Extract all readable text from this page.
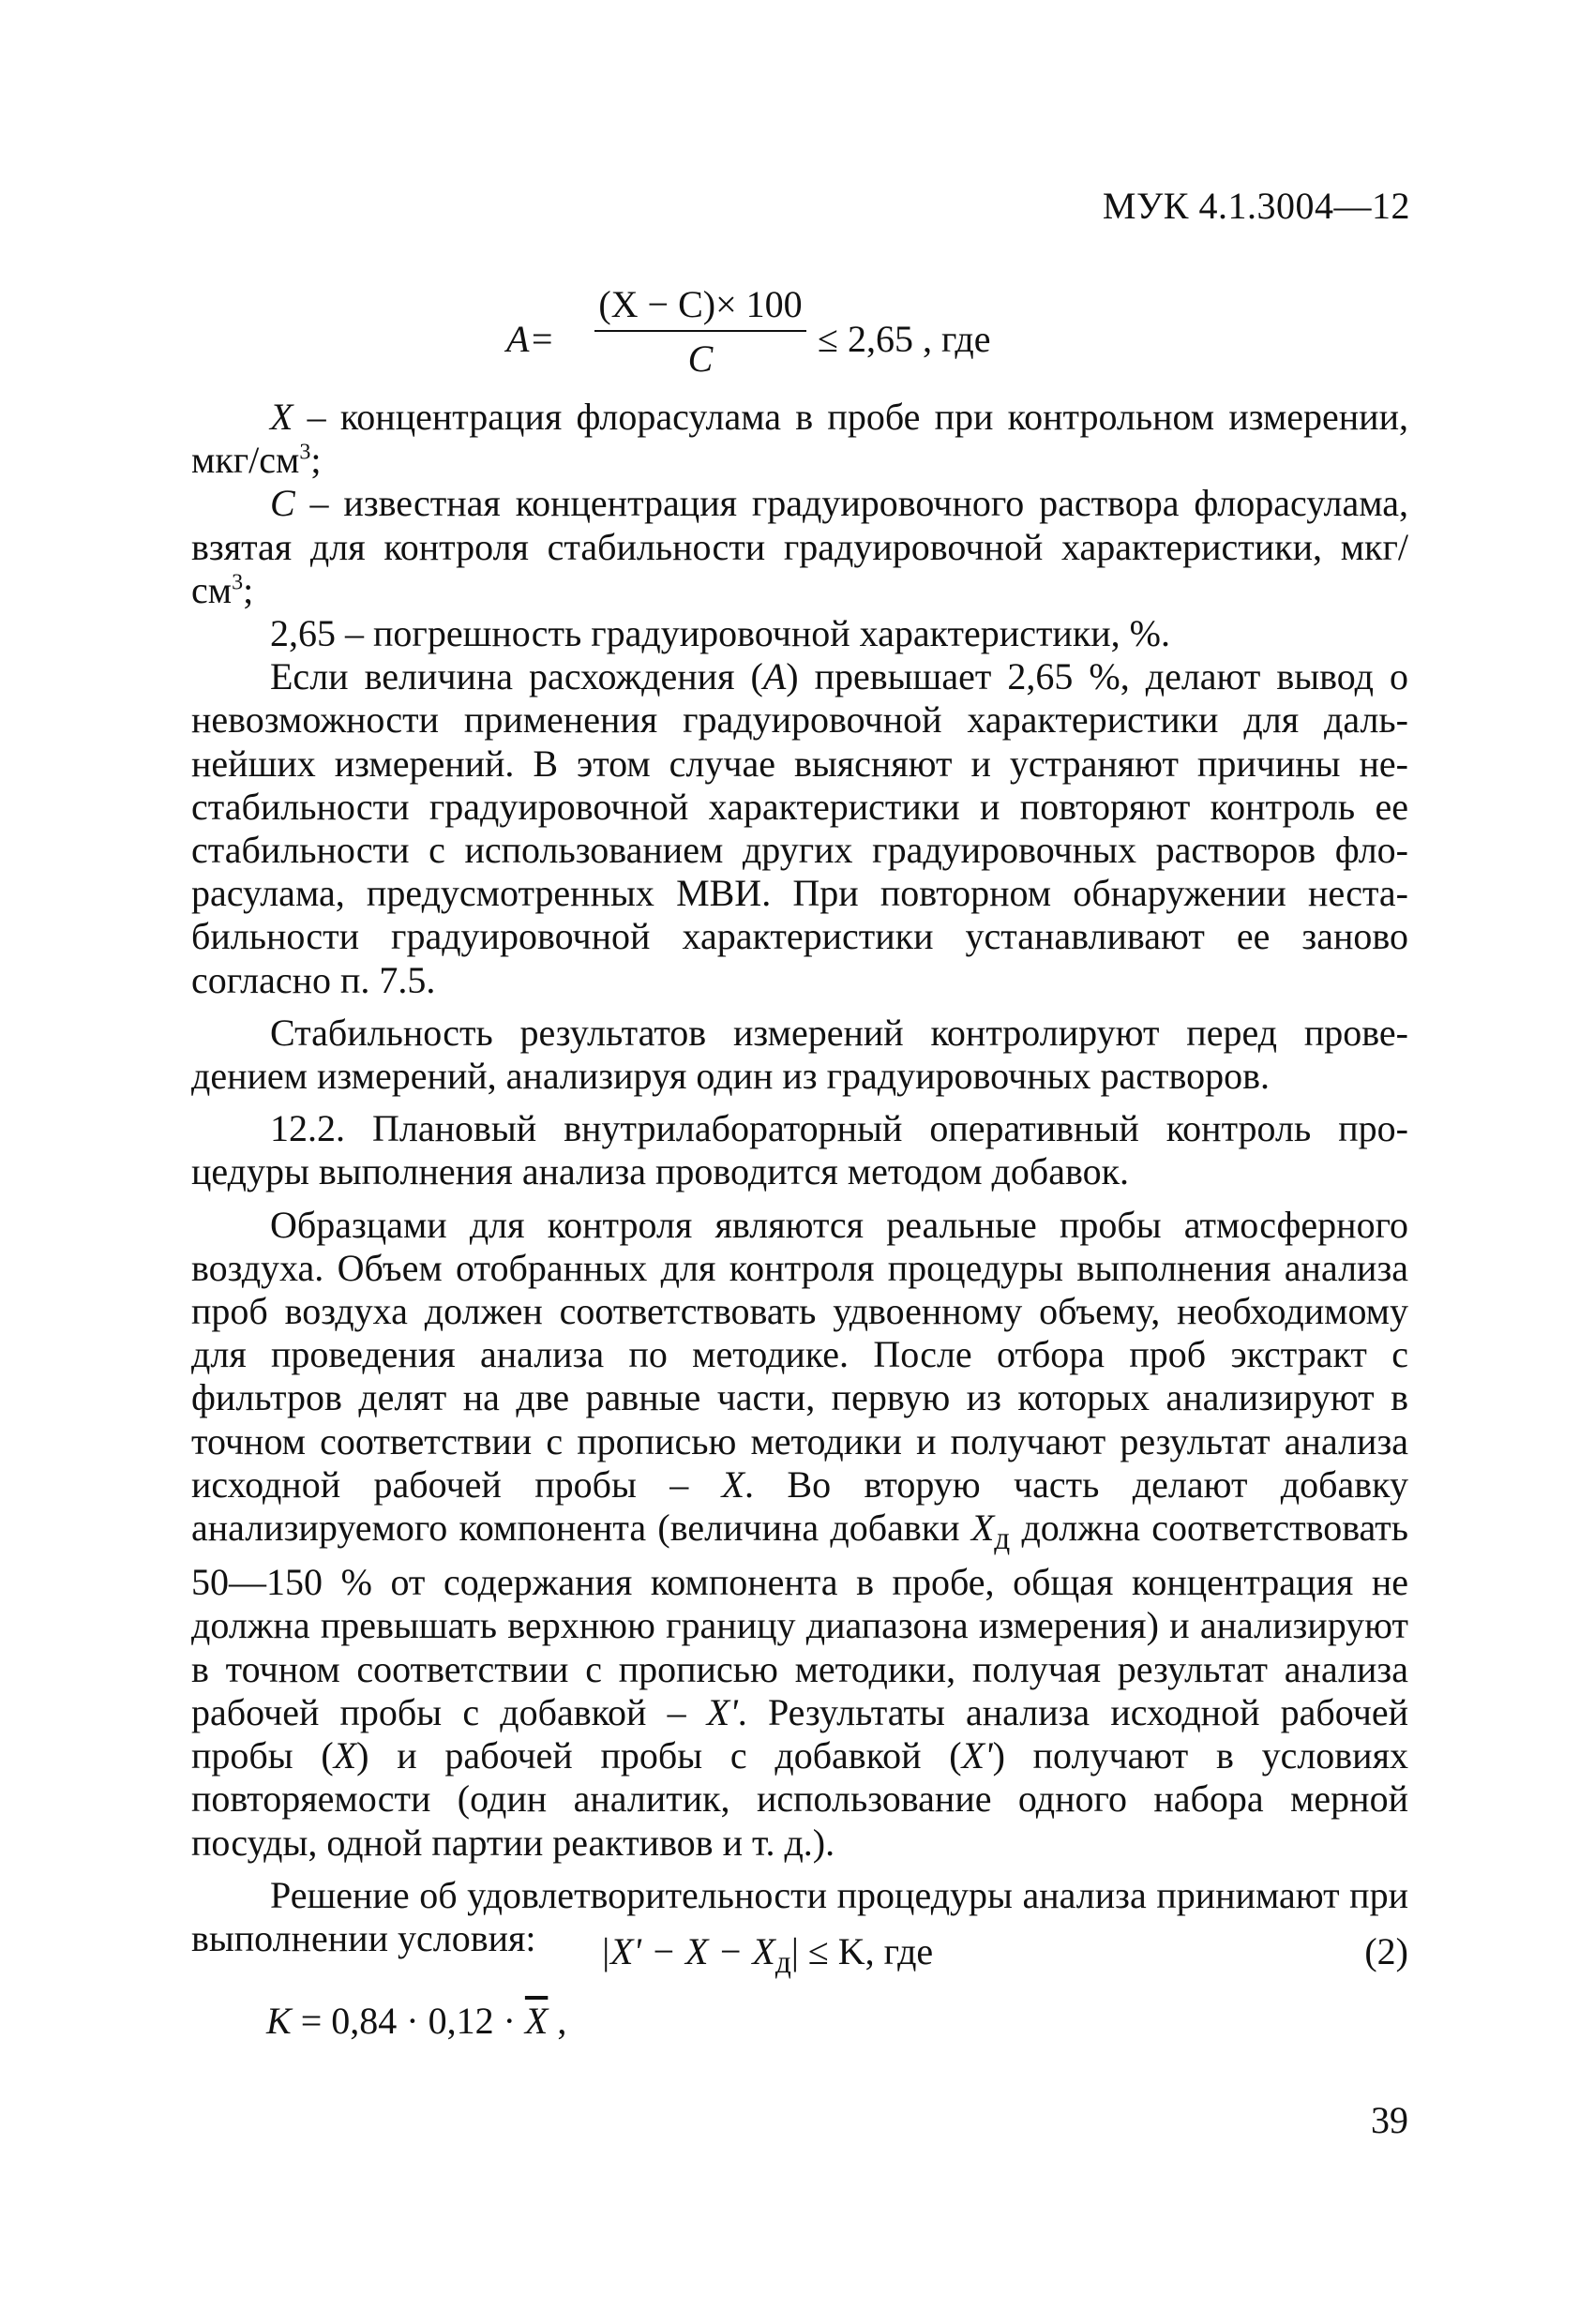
МУК 4.1.3004—12
A=
(X − C)× 100
C	≤ 2,65 , где

X – концентрация флорасулама в пробе при контрольном измерении, мкг/$см^3$;

C – известная концентрация градуировочного раствора флорасулама, взятая для контроля стабильности градуировочной характеристики, мкг/$см^3$;

2,65 – погрешность градуировочной характеристики, %.

Если величина расхождения (A) превышает 2,65 %, делают вывод о невозможности применения градуировочной характеристики для дальнейших измерений. В этом случае выясняют и устраняют причины нестабильности градуировочной характеристики и повторяют контроль ее стабильности с использованием других градуировочных растворов флорасулама, предусмотренных МВИ. При повторном обнаружении нестабильности градуировочной характеристики устанавливают ее заново согласно п. 7.5.

Стабильность результатов измерений контролируют перед проведением измерений, анализируя один из градуировочных растворов.

12.2. Плановый внутрилабораторный оперативный контроль процедуры выполнения анализа проводится методом добавок.

Образцами для контроля являются реальные пробы атмосферного воздуха. Объем отобранных для контроля процедуры выполнения анализа проб воздуха должен соответствовать удвоенному объему, необходимому для проведения анализа по методике. После отбора проб экстракт с фильтров делят на две равные части, первую из которых анализируют в точном соответствии с прописью методики и получают результат анализа исходной рабочей пробы – X. Во вторую часть делают добавку анализируемого компонента (величина добавки $X_д$ должна соответствовать 50—150 % от содержания компонента в пробе, общая концентрация не должна превышать верхнюю границу диапазона измерения) и анализируют в точном соответствии с прописью методики, получая результат анализа рабочей пробы с добавкой – X'. Результаты анализа исходной рабочей пробы (X) и рабочей пробы с добавкой (X') получают в условиях повторяемости (один аналитик, использование одного набора мерной посуды, одной партии реактивов и т. д.).

Решение об удовлетворительности процедуры анализа принимают при выполнении условия:	$|X' - X - X_д| \le K$, где	(2)
$K = 0,84 \cdot 0,12 \cdot \overline{X}$ ,
39
